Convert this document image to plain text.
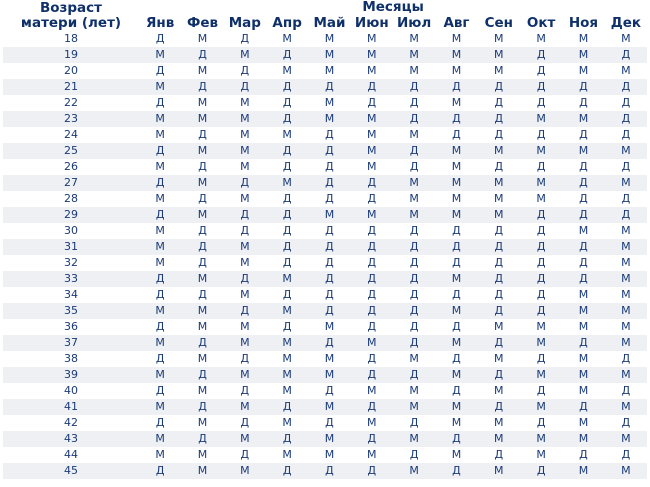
Возраст
матери (лет)	Месяцы											
	Янв	Фев	Мар	Апр	Май	Июн	Июл	Авг	Сен	Окт	Ноя	Дек
18	Д	М	Д	М	М	М	М	М	М	М	М	М
19	М	Д	М	Д	М	М	М	М	М	Д	М	Д
20	Д	М	Д	М	М	М	М	М	М	Д	М	М
21	М	Д	Д	Д	Д	Д	Д	Д	Д	Д	Д	Д
22	Д	М	М	Д	М	Д	Д	М	Д	Д	Д	Д
23	М	М	М	Д	М	М	Д	Д	Д	М	М	Д
24	М	Д	М	М	Д	М	М	Д	Д	Д	Д	Д
25	Д	М	М	Д	Д	М	Д	М	М	М	М	М
26	М	Д	М	Д	Д	М	Д	М	Д	Д	Д	Д
27	Д	М	Д	М	Д	Д	М	М	М	М	Д	М
28	М	Д	М	Д	Д	Д	М	М	М	М	Д	Д
29	Д	М	Д	Д	М	М	М	М	М	Д	Д	Д
30	М	Д	Д	Д	Д	Д	Д	Д	Д	Д	М	М
31	М	Д	М	Д	Д	Д	Д	Д	Д	Д	Д	М
32	М	Д	М	Д	Д	Д	Д	Д	Д	Д	Д	М
33	Д	М	Д	М	Д	Д	Д	М	Д	Д	Д	М
34	Д	Д	М	Д	Д	Д	Д	Д	Д	Д	М	М
35	М	М	Д	М	Д	Д	Д	М	Д	Д	М	М
36	Д	М	М	Д	М	Д	Д	Д	М	М	М	М
37	М	Д	М	М	Д	М	Д	М	Д	М	Д	М
38	Д	М	Д	М	М	Д	М	Д	М	Д	М	Д
39	М	Д	М	М	М	Д	Д	М	Д	М	М	М
40	Д	М	Д	М	Д	М	М	Д	М	Д	М	Д
41	М	Д	М	Д	М	Д	М	М	Д	М	Д	М
42	Д	М	Д	М	Д	М	Д	М	М	Д	М	Д
43	М	Д	М	Д	М	Д	М	Д	М	М	М	М
44	М	М	Д	М	М	М	Д	М	Д	М	Д	Д
45	Д	М	М	Д	Д	Д	М	Д	М	Д	М	М
